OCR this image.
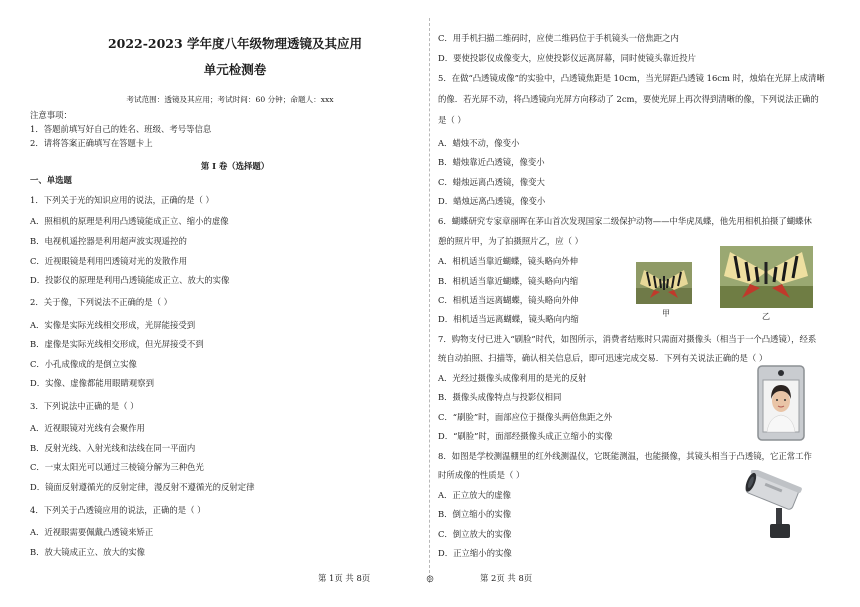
2022-2023 学年度八年级物理透镜及其应用
单元检测卷
考试范围：透镜及其应用；考试时间：60 分钟；命题人：xxx
注意事项：
1．答题前填写好自己的姓名、班级、考号等信息
2．请将答案正确填写在答题卡上
第 I 卷（选择题）
一、单选题
1．下列关于光的知识应用的说法，正确的是（ ）
A．照相机的原理是利用凸透镜能成正立、缩小的虚像
B．电视机遥控器是利用超声波实现遥控的
C．近视眼镜是利用凹透镜对光的发散作用
D．投影仪的原理是利用凸透镜能成正立、放大的实像
2．关于像，下列说法不正确的是（ ）
A．实像是实际光线相交形成，光屏能接受到
B．虚像是实际光线相交形成，但光屏接受不到
C．小孔成像成的是倒立实像
D．实像、虚像都能用眼睛观察到
3．下列说法中正确的是（ ）
A．近视眼镜对光线有会聚作用
B．反射光线、入射光线和法线在同一平面内
C．一束太阳光可以通过三棱镜分解为三种色光
D．镜面反射遵循光的反射定律，漫反射不遵循光的反射定律
4．下列关于凸透镜应用的说法，正确的是（ ）
A．近视眼需要佩戴凸透镜来矫正
B．放大镜成正立、放大的实像
第 1页 共 8页
C．用手机扫描二维码时，应使二维码位于手机镜头一倍焦距之内
D．要使投影仪成像变大，应使投影仪远离屏幕，同时使镜头靠近投片
5．在做“凸透镜成像”的实验中，凸透镜焦距是 10cm，当光屏距凸透镜 16cm 时，烛焰在光屏上成清晰
的像．若光屏不动，将凸透镜向光屏方向移动了 2cm，要使光屏上再次得到清晰的像，下列说法正确的
是（ ）
A．蜡烛不动，像变小
B．蜡烛靠近凸透镜，像变小
C．蜡烛远离凸透镜，像变大
D．蜡烛远离凸透镜，像变小
6．蝴蝶研究专家章丽晖在茅山首次发现国家二级保护动物——中华虎凤蝶，他先用相机拍摄了蝴蝶休
憩的照片甲，为了拍摄照片乙，应（ ）
A．相机适当靠近蝴蝶，镜头略向外伸
B．相机适当靠近蝴蝶，镜头略向内缩
C．相机适当远离蝴蝶，镜头略向外伸
D．相机适当远离蝴蝶，镜头略向内缩
甲	乙
7．购物支付已进入“刷脸”时代，如图所示，消费者结账时只需面对摄像头（相当于一个凸透镜），经系
统自动拍照、扫描等，确认相关信息后，即可迅速完成交易．下列有关说法正确的是（ ）
A．光经过摄像头成像利用的是光的反射
B．摄像头成像特点与投影仪相同
C．“刷脸”时，面部应位于摄像头两倍焦距之外
D．“刷脸”时，面部经摄像头成正立缩小的实像
8．如图是学校测温棚里的红外线测温仪，它既能测温，也能摄像，其镜头相当于凸透镜，它正常工作
时所成像的性质是（ ）
A．正立放大的虚像
B．倒立缩小的实像
C．倒立放大的实像
D．正立缩小的实像
◎	第 2页 共 8页
